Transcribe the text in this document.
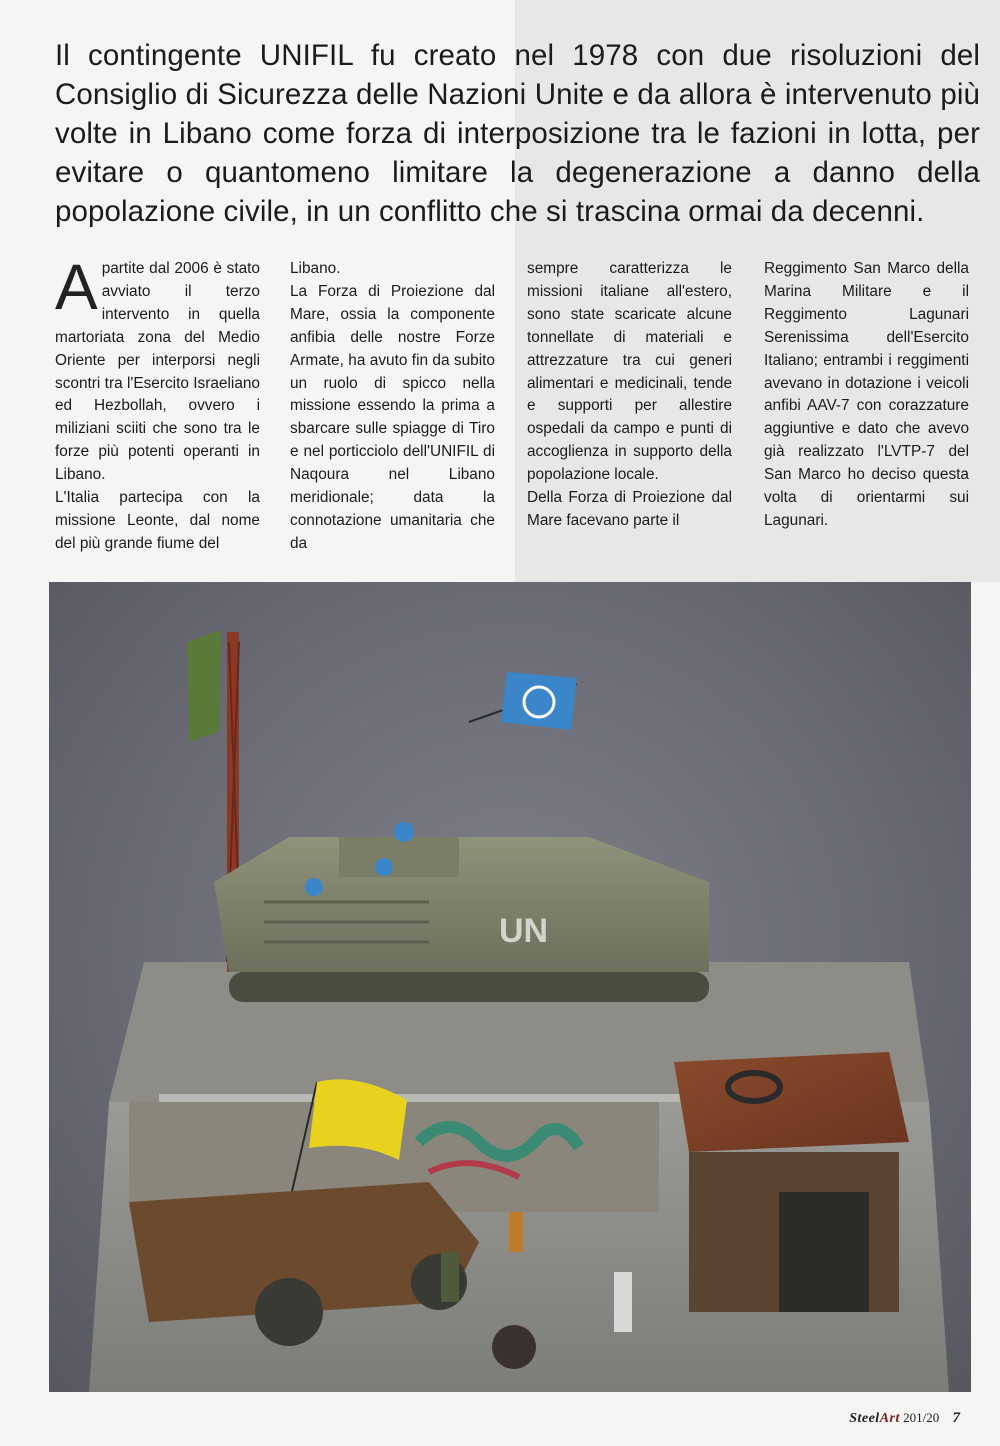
Il contingente UNIFIL fu creato nel 1978 con due risoluzioni del Consiglio di Sicurezza delle Nazioni Unite e da allora è intervenuto più volte in Libano come forza di interposizione tra le fazioni in lotta, per evitare o quantomeno limitare la degenerazione a danno della popolazione civile, in un conflitto che si trascina ormai da decenni.

Apartite dal 2006 è stato avviato il terzo intervento in quella martoriata zona del Medio Oriente per interporsi negli scontri tra l'Esercito Israeliano ed Hezbollah, ovvero i miliziani sciiti che sono tra le forze più potenti operanti in Libano.

L'Italia partecipa con la missione Leonte, dal nome del più grande fiume del

Libano.

La Forza di Proiezione dal Mare, ossia la componente anfibia delle nostre Forze Armate, ha avuto fin da subito un ruolo di spicco nella missione essendo la prima a sbarcare sulle spiagge di Tiro e nel porticciolo dell'UNIFIL di Naqoura nel Libano meridionale; data la connotazione umanitaria che da

sempre caratterizza le missioni italiane all'estero, sono state scaricate alcune tonnellate di materiali e attrezzature tra cui generi alimentari e medicinali, tende e supporti per allestire ospedali da campo e punti di accoglienza in supporto della popolazione locale.

Della Forza di Proiezione dal Mare facevano parte il

Reggimento San Marco della Marina Militare e il Reggimento Lagunari Serenissima dell'Esercito Italiano; entrambi i reggimenti avevano in dotazione i veicoli anfibi AAV-7 con corazzature aggiuntive e dato che avevo già realizzato l'LVTP-7 del San Marco ho deciso questa volta di orientarmi sui Lagunari.

UN
SteelArt 201/20 7
